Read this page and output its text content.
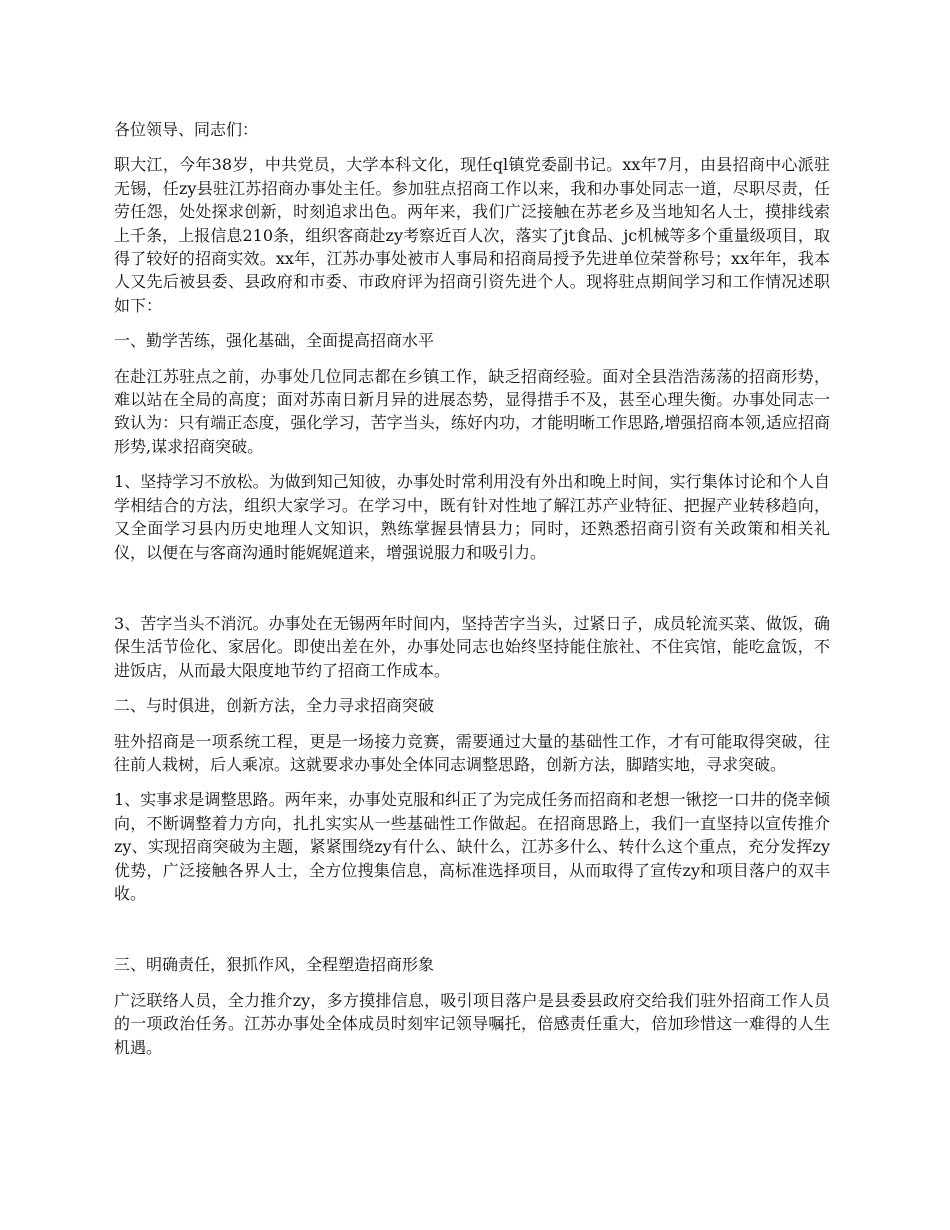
各位领导、同志们：

职大江，今年38岁，中共党员，大学本科文化，现任ql镇党委副书记。xx年7月，由县招商中心派驻无锡，任zy县驻江苏招商办事处主任。参加驻点招商工作以来，我和办事处同志一道，尽职尽责，任劳任怨，处处探求创新，时刻追求出色。两年来，我们广泛接触在苏老乡及当地知名人士，摸排线索上千条，上报信息210条，组织客商赴zy考察近百人次，落实了jt食品、jc机械等多个重量级项目，取得了较好的招商实效。xx年，江苏办事处被市人事局和招商局授予先进单位荣誉称号；xx年年，我本人又先后被县委、县政府和市委、市政府评为招商引资先进个人。现将驻点期间学习和工作情况述职如下：

一、勤学苦练，强化基础，全面提高招商水平

在赴江苏驻点之前，办事处几位同志都在乡镇工作，缺乏招商经验。面对全县浩浩荡荡的招商形势，难以站在全局的高度；面对苏南日新月异的进展态势，显得措手不及，甚至心理失衡。办事处同志一致认为：只有端正态度，强化学习，苦字当头，练好内功，才能明晰工作思路,增强招商本领,适应招商形势,谋求招商突破。

1、坚持学习不放松。为做到知己知彼，办事处时常利用没有外出和晚上时间，实行集体讨论和个人自学相结合的方法，组织大家学习。在学习中，既有针对性地了解江苏产业特征、把握产业转移趋向，又全面学习县内历史地理人文知识，熟练掌握县情县力；同时，还熟悉招商引资有关政策和相关礼仪，以便在与客商沟通时能娓娓道来，增强说服力和吸引力。

3、苦字当头不消沉。办事处在无锡两年时间内，坚持苦字当头，过紧日子，成员轮流买菜、做饭，确保生活节俭化、家居化。即使出差在外，办事处同志也始终坚持能住旅社、不住宾馆，能吃盒饭，不进饭店，从而最大限度地节约了招商工作成本。

二、与时俱进，创新方法，全力寻求招商突破

驻外招商是一项系统工程，更是一场接力竞赛，需要通过大量的基础性工作，才有可能取得突破，往往前人栽树，后人乘凉。这就要求办事处全体同志调整思路，创新方法，脚踏实地，寻求突破。

1、实事求是调整思路。两年来，办事处克服和纠正了为完成任务而招商和老想一锹挖一口井的侥幸倾向，不断调整着力方向，扎扎实实从一些基础性工作做起。在招商思路上，我们一直坚持以宣传推介zy、实现招商突破为主题，紧紧围绕zy有什么、缺什么，江苏多什么、转什么这个重点，充分发挥zy优势，广泛接触各界人士，全方位搜集信息，高标准选择项目，从而取得了宣传zy和项目落户的双丰收。

三、明确责任，狠抓作风，全程塑造招商形象

广泛联络人员，全力推介zy，多方摸排信息，吸引项目落户是县委县政府交给我们驻外招商工作人员的一项政治任务。江苏办事处全体成员时刻牢记领导嘱托，倍感责任重大，倍加珍惜这一难得的人生机遇。
